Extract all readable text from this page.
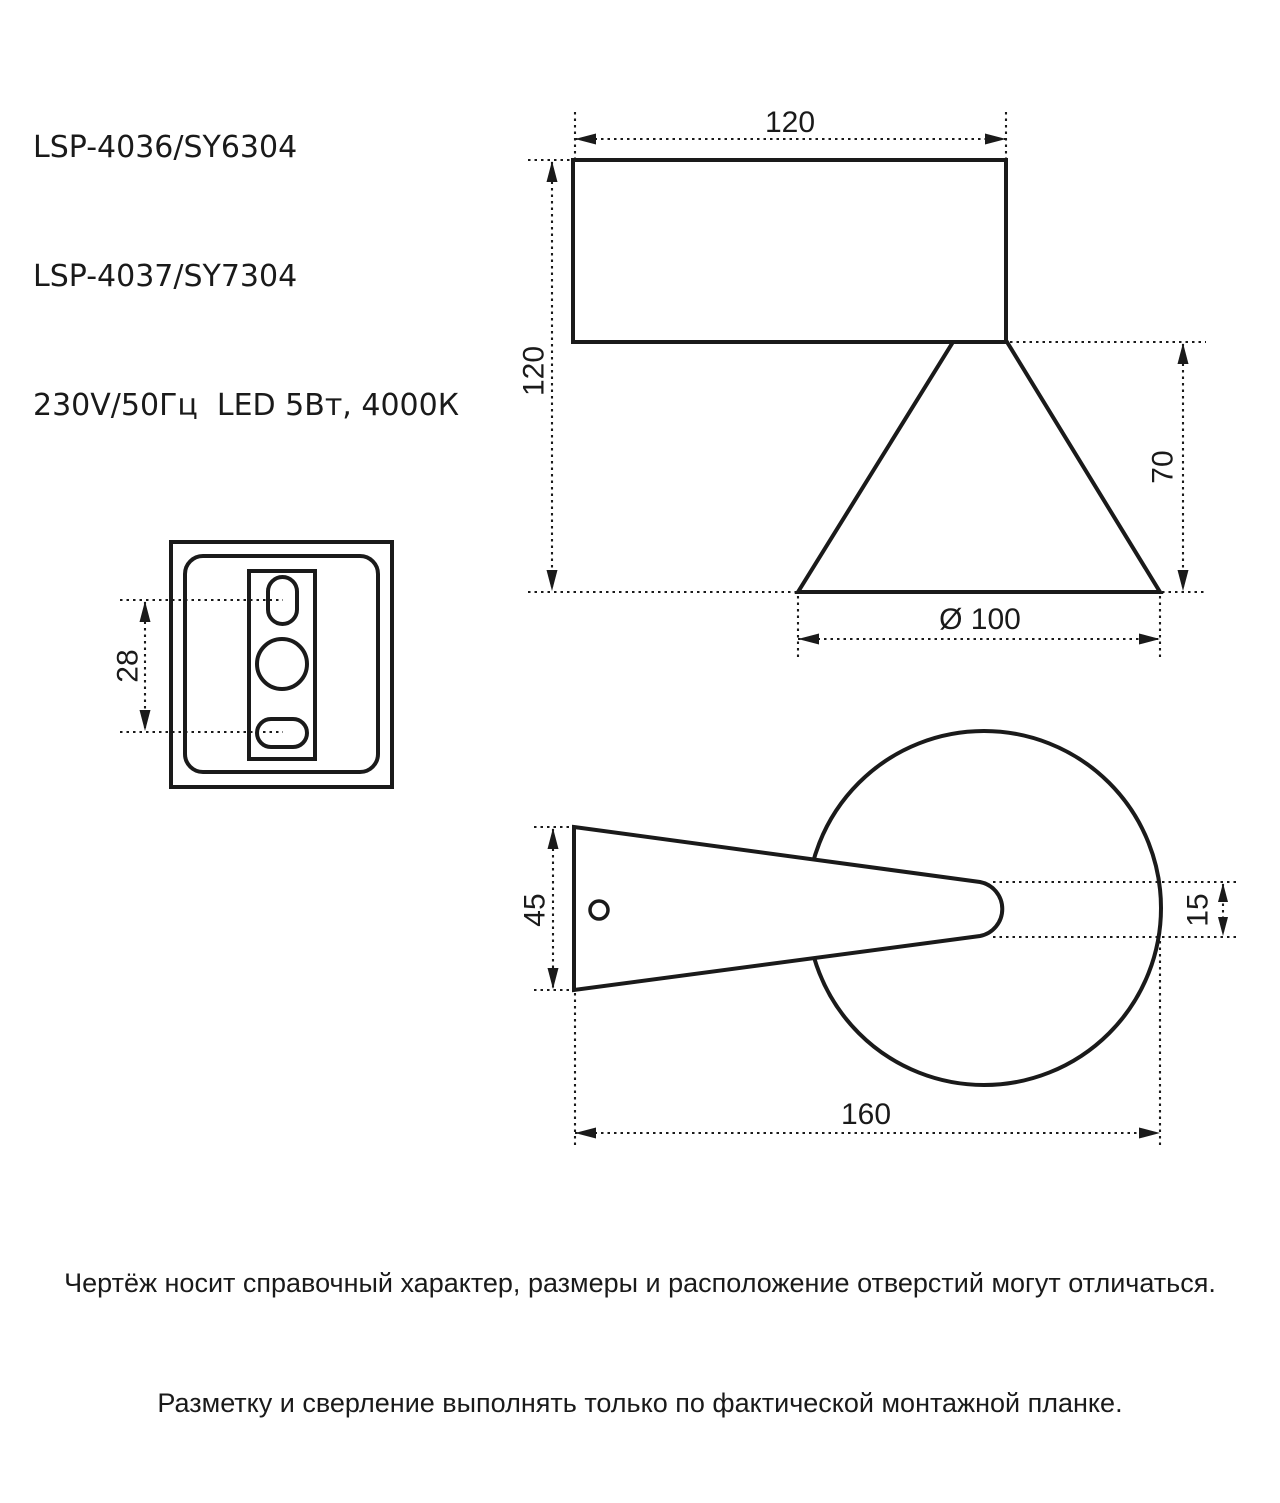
LSP-4036/SY6304

LSP-4037/SY7304

230V/50Гц  LED 5Вт, 4000К

120
120
70
Ø 100
28
45	15
160

Чертёж носит справочный характер, размеры и расположение отверстий могут отличаться.

Разметку и сверление выполнять только по фактической монтажной планке.
